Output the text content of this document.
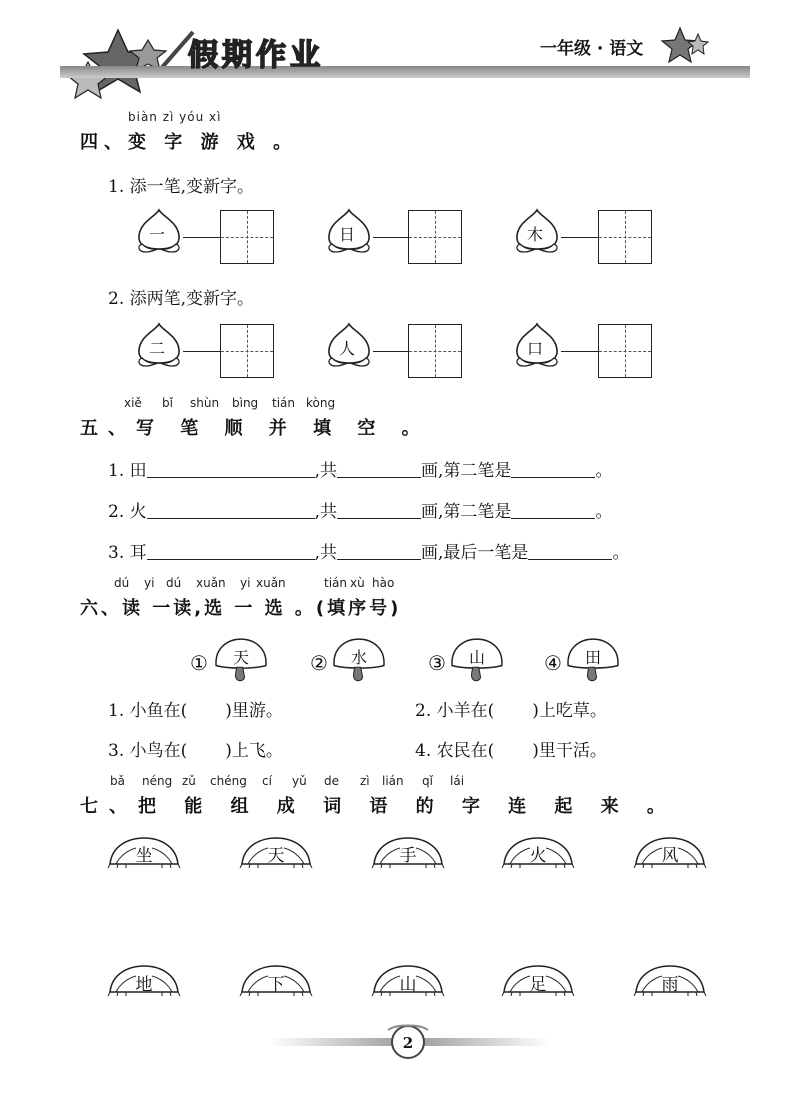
假期作业	一年级 · 语文
biàn zì yóu xì
四、变 字 游 戏 。
1. 添一笔,变新字。
一	日	木
2. 添两笔,变新字。
二	人	口
xiě bǐ shùn bìng tián kòng
五、写 笔 顺 并 填 空 。
1. 田	,共	画,第二笔是	。
2. 火	,共	画,第二笔是	。
3. 耳	,共	画,最后一笔是	。
dú yi dú xuǎn yi xuǎn	tián xù hào
六、读 一读,选 一 选 。(填序号)
①	天	②	水	③	山	④	田
1. 小鱼在( )里游。	2. 小羊在( )上吃草。
3. 小鸟在( )上飞。	4. 农民在( )里干活。
bǎ néng zǔ chéng cí yǔ de zì lián qǐ lái
七、把 能 组 成 词 语 的 字 连 起 来 。
坐	天	手	火	风
地	下	山	足	雨
2
